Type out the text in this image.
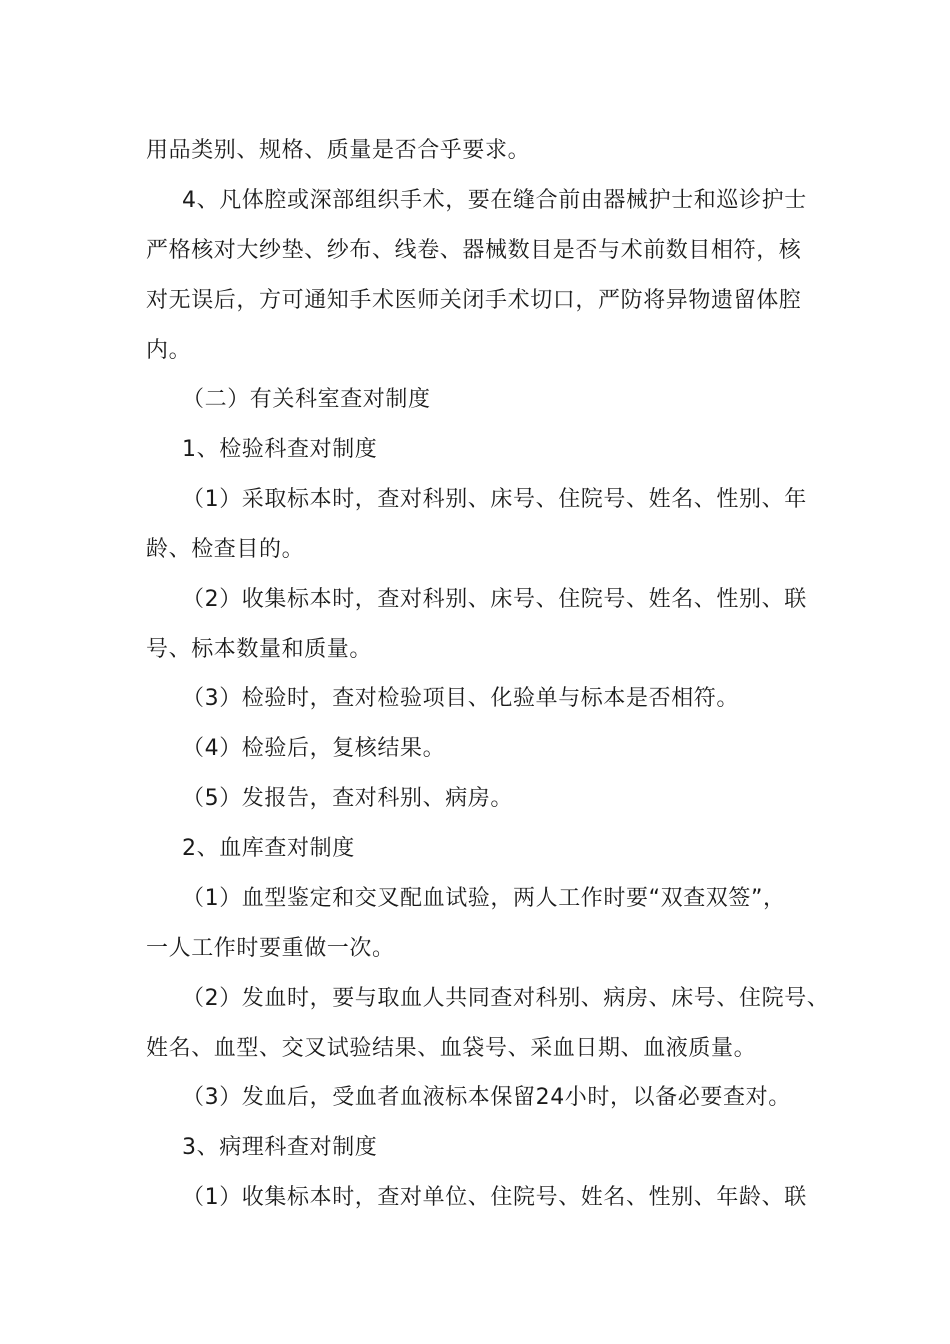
用品类别、规格、质量是否合乎要求。
4、凡体腔或深部组织手术，要在缝合前由器械护士和巡诊护士
严格核对大纱垫、纱布、线卷、器械数目是否与术前数目相符，核
对无误后，方可通知手术医师关闭手术切口，严防将异物遗留体腔
内。
（二）有关科室查对制度
1、检验科查对制度
（1）采取标本时，查对科别、床号、住院号、姓名、性别、年
龄、检查目的。
（2）收集标本时，查对科别、床号、住院号、姓名、性别、联
号、标本数量和质量。
（3）检验时，查对检验项目、化验单与标本是否相符。
（4）检验后，复核结果。
（5）发报告，查对科别、病房。
2、血库查对制度
（1）血型鉴定和交叉配血试验，两人工作时要“双查双签”，
一人工作时要重做一次。
（2）发血时，要与取血人共同查对科别、病房、床号、住院号、
姓名、血型、交叉试验结果、血袋号、采血日期、血液质量。
（3）发血后，受血者血液标本保留24小时，以备必要查对。
3、病理科查对制度
（1）收集标本时，查对单位、住院号、姓名、性别、年龄、联
